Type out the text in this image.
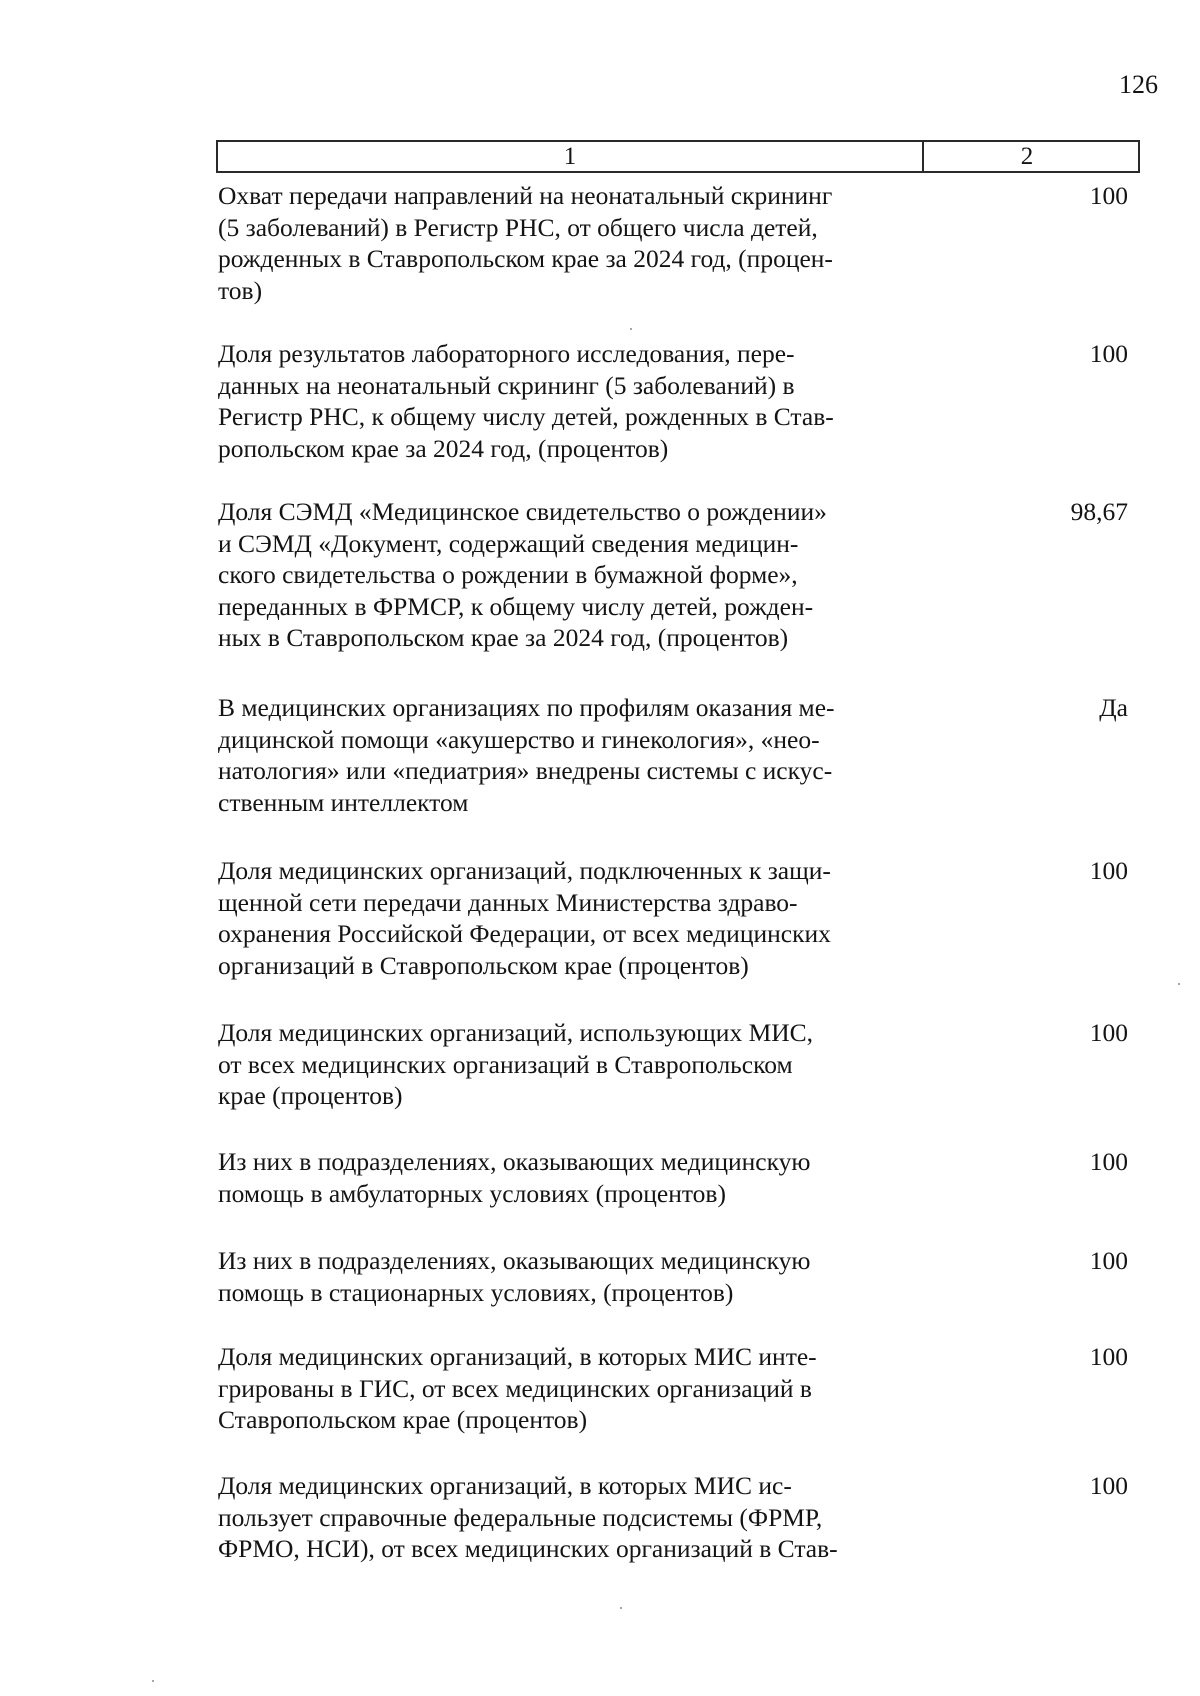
126
1	2
Охват передачи направлений на неонатальный скрининг
(5 заболеваний) в Регистр РНС, от общего числа детей,
рожденных в Ставропольском крае за 2024 год, (процен-
тов)
100
Доля результатов лабораторного исследования, пере-
данных на неонатальный скрининг (5 заболеваний) в
Регистр РНС, к общему числу детей, рожденных в Став-
ропольском крае за 2024 год, (процентов)
100
Доля СЭМД «Медицинское свидетельство о рождении»
и СЭМД «Документ, содержащий сведения медицин-
ского свидетельства о рождении в бумажной форме»,
переданных в ФРМСР, к общему числу детей, рожден-
ных в Ставропольском крае за 2024 год, (процентов)
98,67
В медицинских организациях по профилям оказания ме-
дицинской помощи «акушерство и гинекология», «нео-
натология» или «педиатрия» внедрены системы с искус-
ственным интеллектом
Да
Доля медицинских организаций, подключенных к защи-
щенной сети передачи данных Министерства здраво-
охранения Российской Федерации, от всех медицинских
организаций в Ставропольском крае (процентов)
100
Доля медицинских организаций, использующих МИС,
от всех медицинских организаций в Ставропольском
крае (процентов)
100
Из них в подразделениях, оказывающих медицинскую
помощь в амбулаторных условиях (процентов)
100
Из них в подразделениях, оказывающих медицинскую
помощь в стационарных условиях, (процентов)
100
Доля медицинских организаций, в которых МИС инте-
грированы в ГИС, от всех медицинских организаций в
Ставропольском крае (процентов)
100
Доля медицинских организаций, в которых МИС ис-
пользует справочные федеральные подсистемы (ФРМР,
ФРМО, НСИ), от всех медицинских организаций в Став-
100
